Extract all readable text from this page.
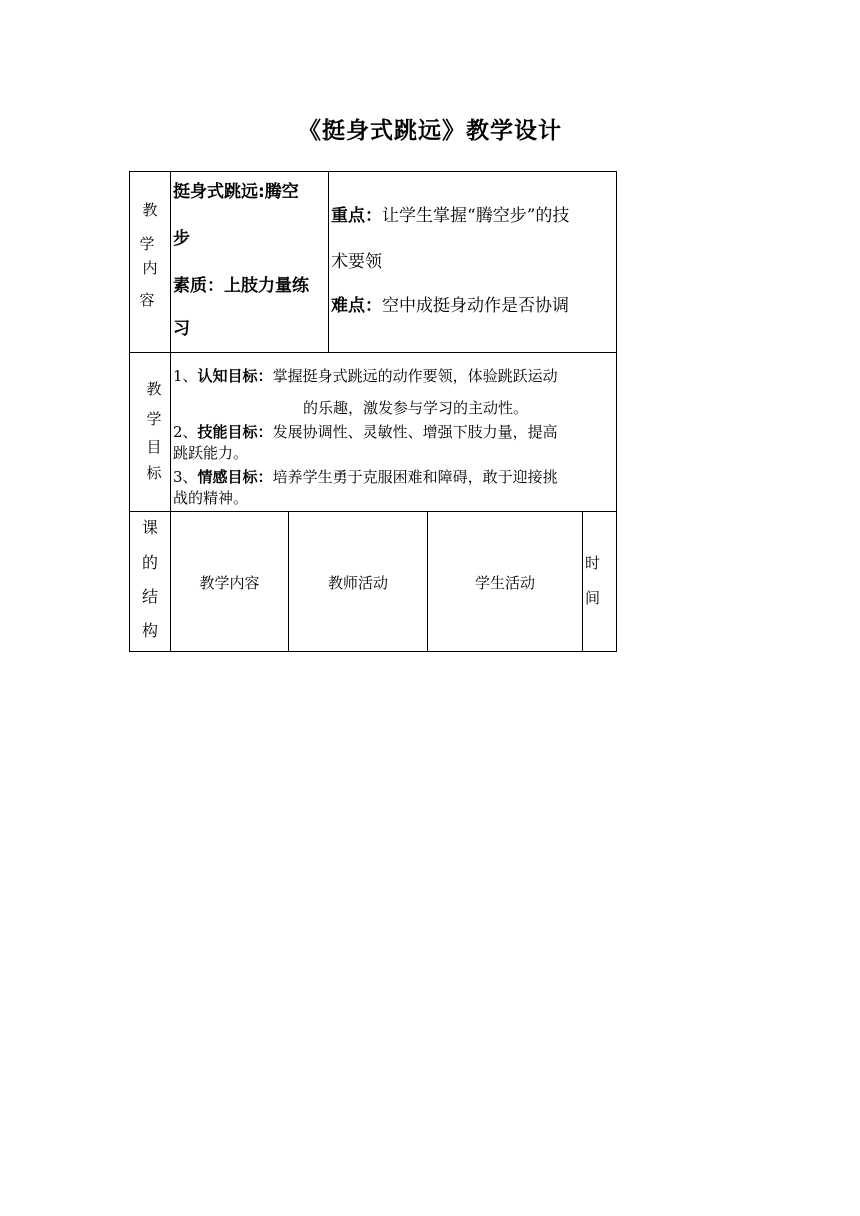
《挺身式跳远》教学设计
教
学
内
容
挺身式跳远:腾空
步
素质：上肢力量练
习
重点：让学生掌握“腾空步”的技
术要领
难点：空中成挺身动作是否协调
教
学
目
标
1、认知目标：掌握挺身式跳远的动作要领，体验跳跃运动
的乐趣，激发参与学习的主动性。
2、技能目标：发展协调性、灵敏性、增强下肢力量，提高
跳跃能力。
3、情感目标：培养学生勇于克服困难和障碍，敢于迎接挑
战的精神。
课
的
结
构
教学内容	教师活动	学生活动
时
间
